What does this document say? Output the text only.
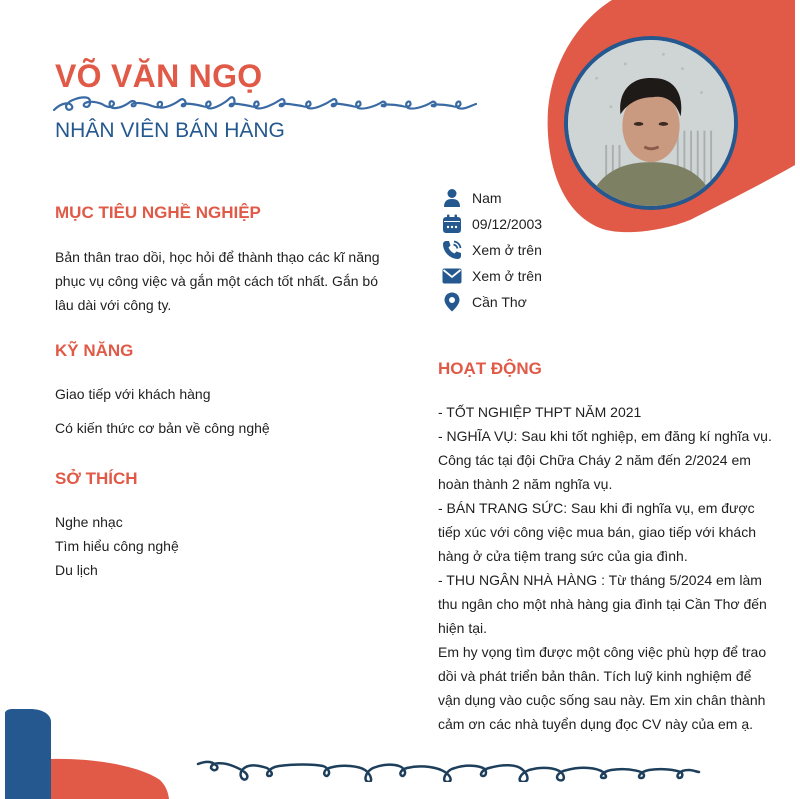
VÕ VĂN NGỌ
NHÂN VIÊN BÁN HÀNG
Nam
09/12/2003
Xem ở trên
Xem ở trên
Cần Thơ
MỤC TIÊU NGHỀ NGHIỆP
Bản thân trao dồi, học hỏi để thành thạo các kĩ năng
phục vụ công việc và gắn một cách tốt nhất. Gắn bó
lâu dài với công ty.
KỸ NĂNG
Giao tiếp với khách hàng
Có kiến thức cơ bản về công nghệ
SỞ THÍCH
Nghe nhạc
Tìm hiểu công nghệ
Du lịch
HOẠT ĐỘNG
- TỐT NGHIỆP THPT NĂM 2021
- NGHĨA VỤ: Sau khi tốt nghiệp, em đăng kí nghĩa vụ.
Công tác tại đội Chữa Cháy 2 năm đến 2/2024 em
hoàn thành 2 năm nghĩa vụ.
- BÁN TRANG SỨC: Sau khi đi nghĩa vụ, em được
tiếp xúc với công việc mua bán, giao tiếp với khách
hàng ở cửa tiệm trang sức của gia đình.
- THU NGÂN NHÀ HÀNG : Từ tháng 5/2024 em làm
thu ngân cho một nhà hàng gia đình tại Cần Thơ đến
hiện tại.
Em hy vọng tìm được một công việc phù hợp để trao
dồi và phát triển bản thân. Tích luỹ kinh nghiệm để
vận dụng vào cuộc sống sau này. Em xin chân thành
cảm ơn các nhà tuyển dụng đọc CV này của em ạ.
